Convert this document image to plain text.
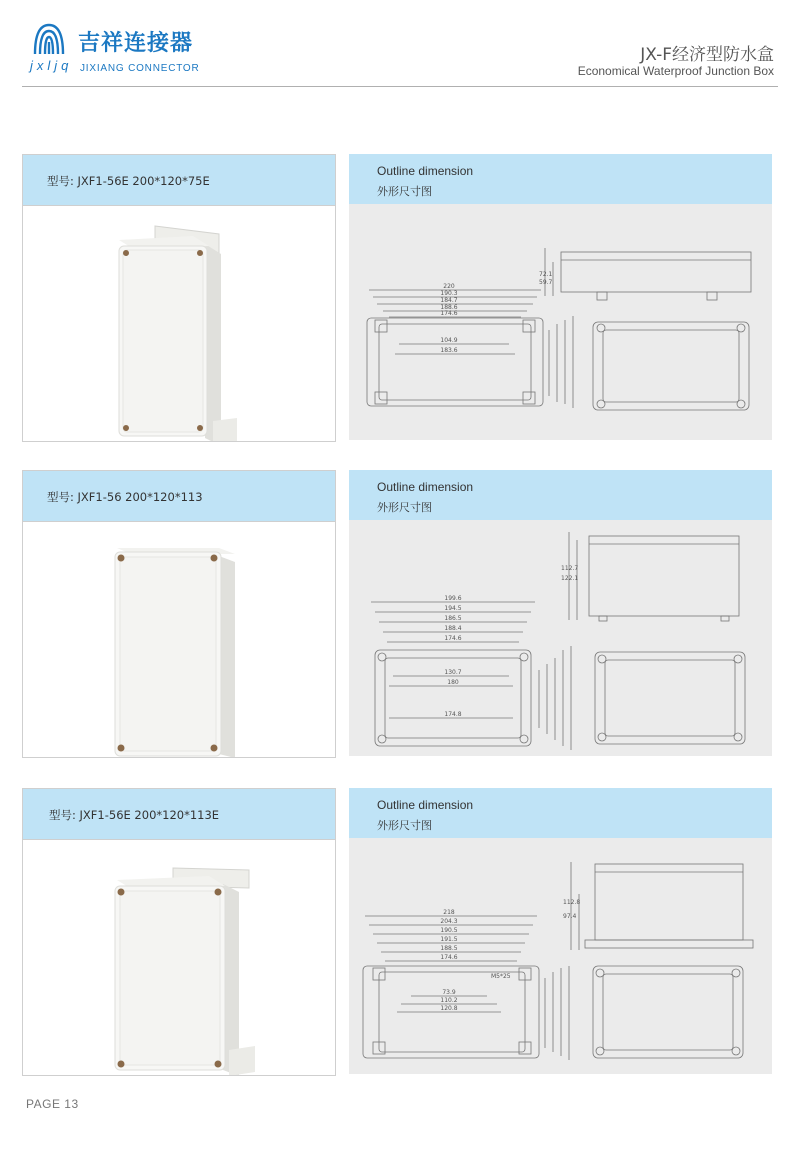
jxljq
吉祥连接器
JIXIANG CONNECTOR
JX-F经济型防水盒
Economical Waterproof Junction Box
型号: JXF1-56E 200*120*75E
Outline dimension
外形尺寸图
220
190.3
184.7
188.6
174.6
104.9
183.6
72.1
59.7
型号: JXF1-56 200*120*113
Outline dimension
外形尺寸图
199.6
194.5
186.5
188.4
174.6
130.7
180
174.8
112.7
122.1
型号: JXF1-56E 200*120*113E
Outline dimension
外形尺寸图
218
204.3
190.5
191.5
188.5
174.6
M5*25
73.9
110.2
120.8
112.8
97.4
PAGE 13
